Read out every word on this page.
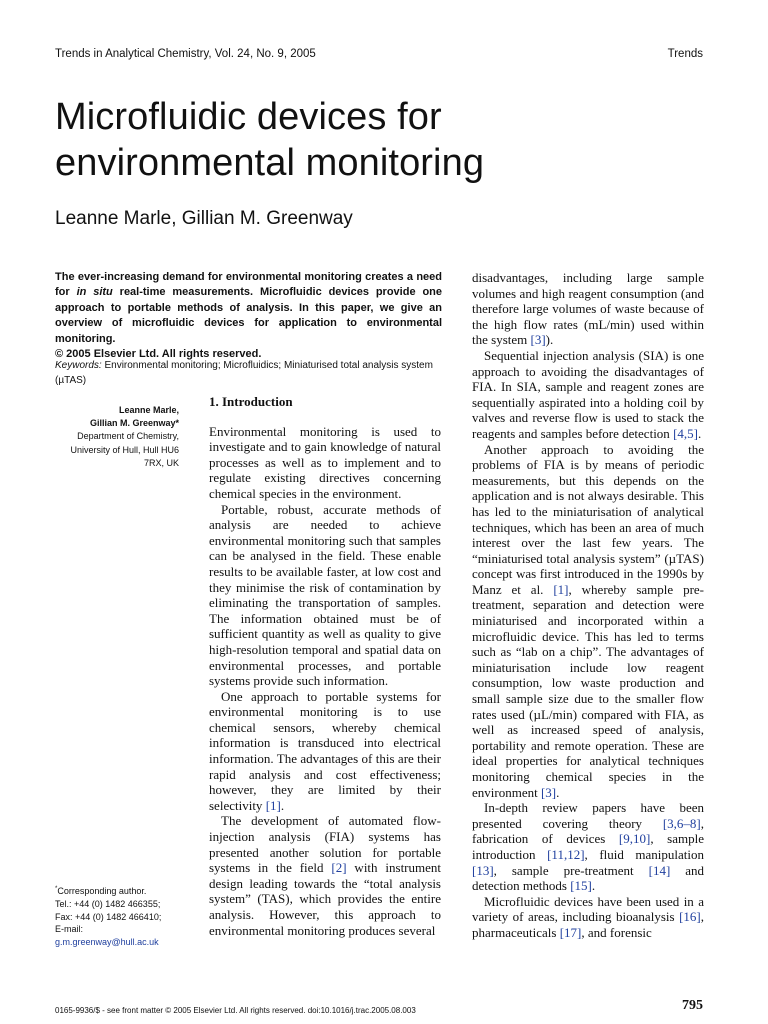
Trends in Analytical Chemistry, Vol. 24, No. 9, 2005	Trends
Microfluidic devices for
environmental monitoring
Leanne Marle, Gillian M. Greenway

The ever-increasing demand for environmental monitoring creates a need for in situ real-time measurements. Microfluidic devices provide one approach to portable methods of analysis. In this paper, we give an overview of microfluidic devices for application to environmental monitoring.

© 2005 Elsevier Ltd. All rights reserved.

Keywords: Environmental monitoring; Microfluidics; Miniaturised total analysis system (µTAS)
Leanne Marle,
Gillian M. Greenway*
Department of Chemistry,
University of Hull, Hull HU6
7RX, UK
*Corresponding author.
Tel.: +44 (0) 1482 466355;
Fax: +44 (0) 1482 466410;
E-mail:
g.m.greenway@hull.ac.uk
1. Introduction

Environmental monitoring is used to investigate and to gain knowledge of natural processes as well as to implement and to regulate existing directives concerning chemical species in the environment.

Portable, robust, accurate methods of analysis are needed to achieve environmental monitoring such that samples can be analysed in the field. These enable results to be available faster, at low cost and they minimise the risk of contamination by eliminating the transportation of samples. The information obtained must be of sufficient quantity as well as quality to give high-resolution temporal and spatial data on environmental processes, and portable systems provide such information.

One approach to portable systems for environmental monitoring is to use chemical sensors, whereby chemical information is transduced into electrical information. The advantages of this are their rapid analysis and cost effectiveness; however, they are limited by their selectivity [1].

The development of automated flow-injection analysis (FIA) systems has presented another solution for portable systems in the field [2] with instrument design leading towards the “total analysis system” (TAS), which provides the entire analysis. However, this approach to environmental monitoring produces several

disadvantages, including large sample volumes and high reagent consumption (and therefore large volumes of waste because of the high flow rates (mL/min) used within the system [3]).

Sequential injection analysis (SIA) is one approach to avoiding the disadvantages of FIA. In SIA, sample and reagent zones are sequentially aspirated into a holding coil by valves and reverse flow is used to stack the reagents and samples before detection [4,5].

Another approach to avoiding the problems of FIA is by means of periodic measurements, but this depends on the application and is not always desirable. This has led to the miniaturisation of analytical techniques, which has been an area of much interest over the last few years. The “miniaturised total analysis system” (µTAS) concept was first introduced in the 1990s by Manz et al. [1], whereby sample pre-treatment, separation and detection were miniaturised and incorporated within a microfluidic device. This has led to terms such as “lab on a chip”. The advantages of miniaturisation include low reagent consumption, low waste production and small sample size due to the smaller flow rates used (µL/min) compared with FIA, as well as increased speed of analysis, portability and remote operation. These are ideal properties for analytical techniques monitoring chemical species in the environment [3].

In-depth review papers have been presented covering theory [3,6–8], fabrication of devices [9,10], sample introduction [11,12], fluid manipulation [13], sample pre-treatment [14] and detection methods [15].

Microfluidic devices have been used in a variety of areas, including bioanalysis [16], pharmaceuticals [17], and forensic

0165-9936/$ - see front matter © 2005 Elsevier Ltd. All rights reserved. doi:10.1016/j.trac.2005.08.003	795
